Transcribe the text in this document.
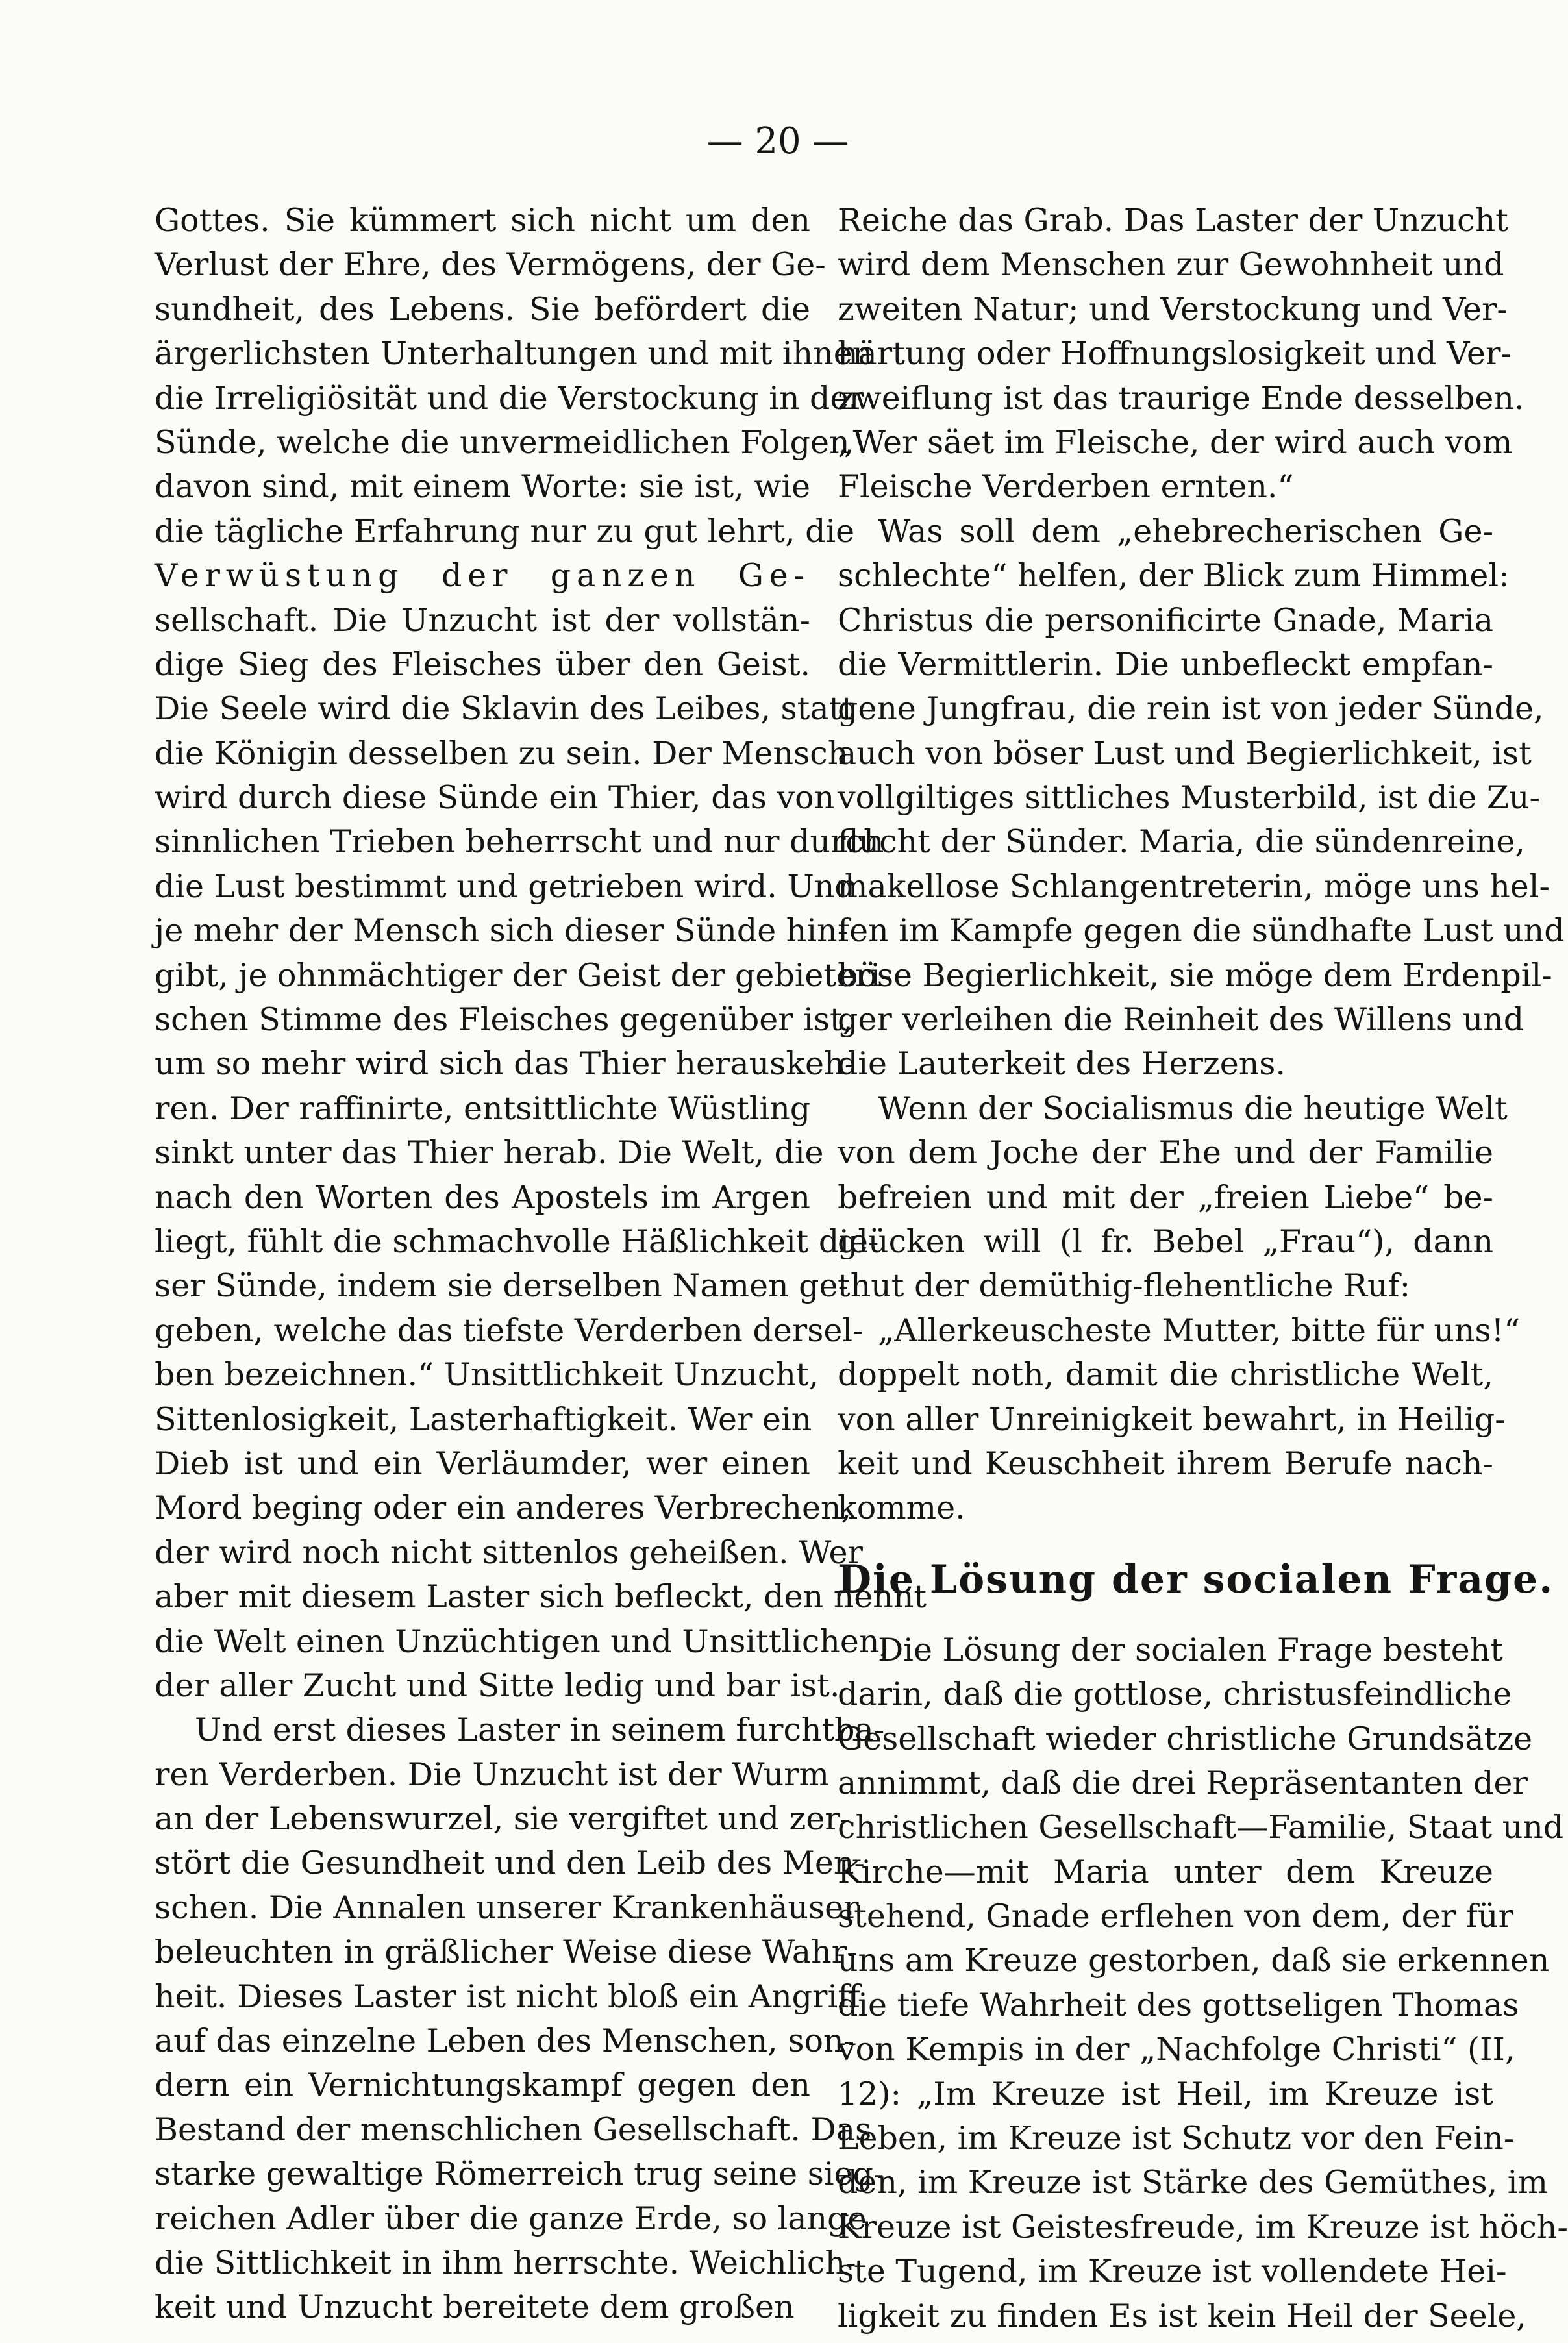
— 20 —
Gottes. Sie kümmert sich nicht um den
Verlust der Ehre, des Vermögens, der Ge-
sundheit, des Lebens. Sie befördert die
ärgerlichsten Unterhaltungen und mit ihnen
die Irreligiösität und die Verstockung in der
Sünde, welche die unvermeidlichen Folgen
davon sind, mit einem Worte: sie ist, wie
die tägliche Erfahrung nur zu gut lehrt, die
Verwüstung der ganzen Ge-
sellschaft. Die Unzucht ist der vollstän-
dige Sieg des Fleisches über den Geist.
Die Seele wird die Sklavin des Leibes, statt
die Königin desselben zu sein. Der Mensch
wird durch diese Sünde ein Thier, das von
sinnlichen Trieben beherrscht und nur durch
die Lust bestimmt und getrieben wird. Und
je mehr der Mensch sich dieser Sünde hin-
gibt, je ohnmächtiger der Geist der gebieteri-
schen Stimme des Fleisches gegenüber ist,
um so mehr wird sich das Thier herauskeh-
ren. Der raffinirte, entsittlichte Wüstling
sinkt unter das Thier herab. Die Welt, die
nach den Worten des Apostels im Argen
liegt, fühlt die schmachvolle Häßlichkeit die-
ser Sünde, indem sie derselben Namen ge-
geben, welche das tiefste Verderben dersel-
ben bezeichnen.“ Unsittlichkeit Unzucht,
Sittenlosigkeit, Lasterhaftigkeit. Wer ein
Dieb ist und ein Verläumder, wer einen
Mord beging oder ein anderes Verbrechen,
der wird noch nicht sittenlos geheißen. Wer
aber mit diesem Laster sich befleckt, den nennt
die Welt einen Unzüchtigen und Unsittlichen,
der aller Zucht und Sitte ledig und bar ist.
Und erst dieses Laster in seinem furchtba-
ren Verderben. Die Unzucht ist der Wurm
an der Lebenswurzel, sie vergiftet und zer-
stört die Gesundheit und den Leib des Men-
schen. Die Annalen unserer Krankenhäuser
beleuchten in gräßlicher Weise diese Wahr-
heit. Dieses Laster ist nicht bloß ein Angriff
auf das einzelne Leben des Menschen, son-
dern ein Vernichtungskampf gegen den
Bestand der menschlichen Gesellschaft. Das
starke gewaltige Römerreich trug seine sieg-
reichen Adler über die ganze Erde, so lange
die Sittlichkeit in ihm herrschte. Weichlich-
keit und Unzucht bereitete dem großen
Reiche das Grab. Das Laster der Unzucht
wird dem Menschen zur Gewohnheit und
zweiten Natur; und Verstockung und Ver-
härtung oder Hoffnungslosigkeit und Ver-
zweiflung ist das traurige Ende desselben.
„Wer säet im Fleische, der wird auch vom
Fleische Verderben ernten.“
Was soll dem „ehebrecherischen Ge-
schlechte“ helfen, der Blick zum Himmel:
Christus die personificirte Gnade, Maria
die Vermittlerin. Die unbefleckt empfan-
gene Jungfrau, die rein ist von jeder Sünde,
auch von böser Lust und Begierlichkeit, ist
vollgiltiges sittliches Musterbild, ist die Zu-
flucht der Sünder. Maria, die sündenreine,
makellose Schlangentreterin, möge uns hel-
fen im Kampfe gegen die sündhafte Lust und
böse Begierlichkeit, sie möge dem Erdenpil-
ger verleihen die Reinheit des Willens und
die Lauterkeit des Herzens.
Wenn der Socialismus die heutige Welt
von dem Joche der Ehe und der Familie
befreien und mit der „freien Liebe“ be-
glücken will (l fr. Bebel „Frau“), dann
thut der demüthig-flehentliche Ruf:
„Allerkeuscheste Mutter, bitte für uns!“
doppelt noth, damit die christliche Welt,
von aller Unreinigkeit bewahrt, in Heilig-
keit und Keuschheit ihrem Berufe nach-
komme.
Die Lösung der socialen Frage.
Die Lösung der socialen Frage besteht
darin, daß die gottlose, christusfeindliche
Gesellschaft wieder christliche Grundsätze
annimmt, daß die drei Repräsentanten der
christlichen Gesellschaft—Familie, Staat und
Kirche—mit Maria unter dem Kreuze
stehend, Gnade erflehen von dem, der für
uns am Kreuze gestorben, daß sie erkennen
die tiefe Wahrheit des gottseligen Thomas
von Kempis in der „Nachfolge Christi“ (II,
12): „Im Kreuze ist Heil, im Kreuze ist
Leben, im Kreuze ist Schutz vor den Fein-
den, im Kreuze ist Stärke des Gemüthes, im
Kreuze ist Geistesfreude, im Kreuze ist höch-
ste Tugend, im Kreuze ist vollendete Hei-
ligkeit zu finden Es ist kein Heil der Seele,
